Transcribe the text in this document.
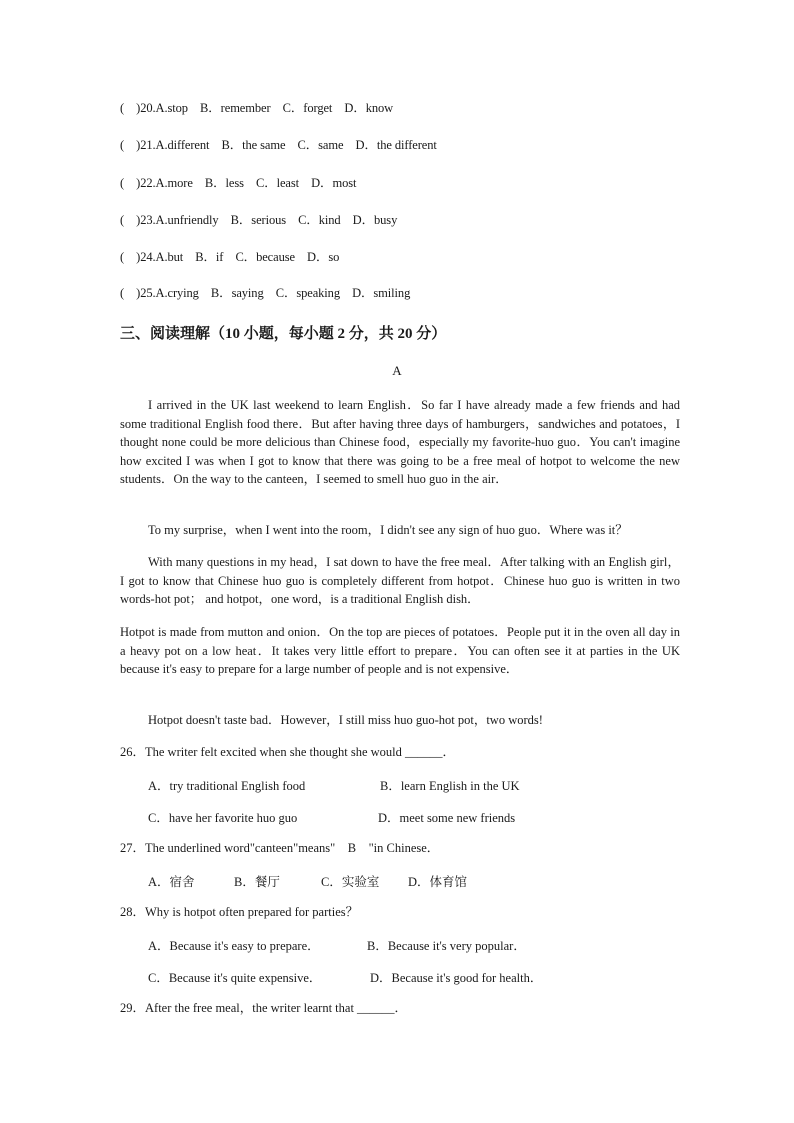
(    )20.A.stop    B．remember    C．forget    D．know
(    )21.A.different    B．the same    C．same    D．the different
(    )22.A.more    B．less    C．least    D．most
(    )23.A.unfriendly    B．serious    C．kind    D．busy
(    )24.A.but    B．if    C．because    D．so
(    )25.A.crying    B．saying    C．speaking    D．smiling
三、阅读理解（10 小题，每小题 2 分，共 20 分）
A
I arrived in the UK last weekend to learn English．So far I have already made a few friends and had some traditional English food there．But after having three days of hamburgers，sandwiches and potatoes，I thought none could be more delicious than Chinese food，especially my favorite-huo guo．You can't imagine how excited I was when I got to know that there was going to be a free meal of hotpot to welcome the new students．On the way to the canteen，I seemed to smell huo guo in the air．
To my surprise，when I went into the room，I didn't see any sign of huo guo．Where was it？
With many questions in my head，I sat down to have the free meal．After talking with an English girl，I got to know that Chinese huo guo is completely different from hotpot．Chinese huo guo is written in two words-hot pot； and hotpot，one word，is a traditional English dish．
Hotpot is made from mutton and onion．On the top are pieces of potatoes．People put it in the oven all day in a heavy pot on a low heat．It takes very little effort to prepare．You can often see it at parties in the UK because it's easy to prepare for a large number of people and is not expensive．
Hotpot doesn't taste bad．However，I still miss huo guo-hot pot，two words!
26．The writer felt excited when she thought she would ______．
A．try traditional English food	B．learn English in the UK
C．have her favorite huo guo	D．meet some new friends
27．The underlined word"canteen"means"    B    "in Chinese．
A．宿舍	B．餐厅	C．实验室 D．体育馆
28．Why is hotpot often prepared for parties？
A．Because it's easy to prepare．	B．Because it's very popular．
C．Because it's quite expensive．	D．Because it's good for health．
29．After the free meal，the writer learnt that ______．
